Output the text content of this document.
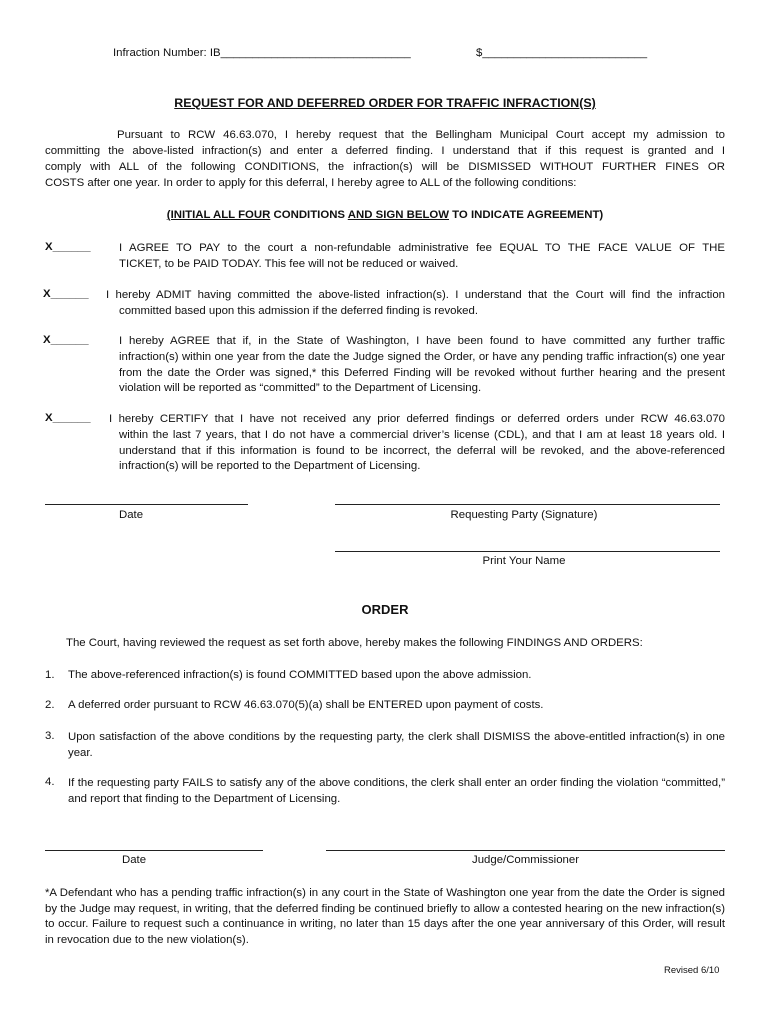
Infraction Number: IB______________________________	$__________________________
REQUEST FOR AND DEFERRED ORDER FOR TRAFFIC INFRACTION(S)
Pursuant to RCW 46.63.070, I hereby request that the Bellingham Municipal Court accept my admission to
committing the above-listed infraction(s) and enter a deferred finding. I understand that if this request is granted and I
comply with ALL of the following CONDITIONS, the infraction(s) will be DISMISSED WITHOUT FURTHER FINES OR
COSTS after one year. In order to apply for this deferral, I hereby agree to ALL of the following conditions:
(INITIAL ALL FOUR CONDITIONS AND SIGN BELOW TO INDICATE AGREEMENT)
X______ I AGREE TO PAY to the court a non-refundable administrative fee EQUAL TO THE FACE VALUE OF THE
TICKET, to be PAID TODAY. This fee will not be reduced or waived.
X______ I hereby ADMIT having committed the above-listed infraction(s). I understand that the Court will find the infraction
committed based upon this admission if the deferred finding is revoked.
X______	I hereby AGREE that if, in the State of Washington, I have been found to have committed any further traffic
infraction(s) within one year from the date the Judge signed the Order, or have any pending traffic infraction(s) one year from the date the Order was signed,* this Deferred Finding will be revoked without further hearing and the present violation will be reported as “committed” to the Department of Licensing.
X______ I hereby CERTIFY that I have not received any prior deferred findings or deferred orders under RCW 46.63.070
within the last 7 years, that I do not have a commercial driver’s license (CDL), and that I am at least 18 years old. I understand that if this information is found to be incorrect, the deferral will be revoked, and the above-referenced infraction(s) will be reported to the Department of Licensing.
Date	Requesting Party (Signature)
Print Your Name
ORDER
The Court, having reviewed the request as set forth above, hereby makes the following FINDINGS AND ORDERS:
1. The above-referenced infraction(s) is found COMMITTED based upon the above admission.
2. A deferred order pursuant to RCW 46.63.070(5)(a) shall be ENTERED upon payment of costs.
3. Upon satisfaction of the above conditions by the requesting party, the clerk shall DISMISS the above-entitled infraction(s) in one year.
4. If the requesting party FAILS to satisfy any of the above conditions, the clerk shall enter an order finding the violation “committed,” and report that finding to the Department of Licensing.
Date	Judge/Commissioner
*A Defendant who has a pending traffic infraction(s) in any court in the State of Washington one year from the date the Order is signed by the Judge may request, in writing, that the deferred finding be continued briefly to allow a contested hearing on the new infraction(s) to occur. Failure to request such a continuance in writing, no later than 15 days after the one year anniversary of this Order, will result in revocation due to the new violation(s).
Revised 6/10
